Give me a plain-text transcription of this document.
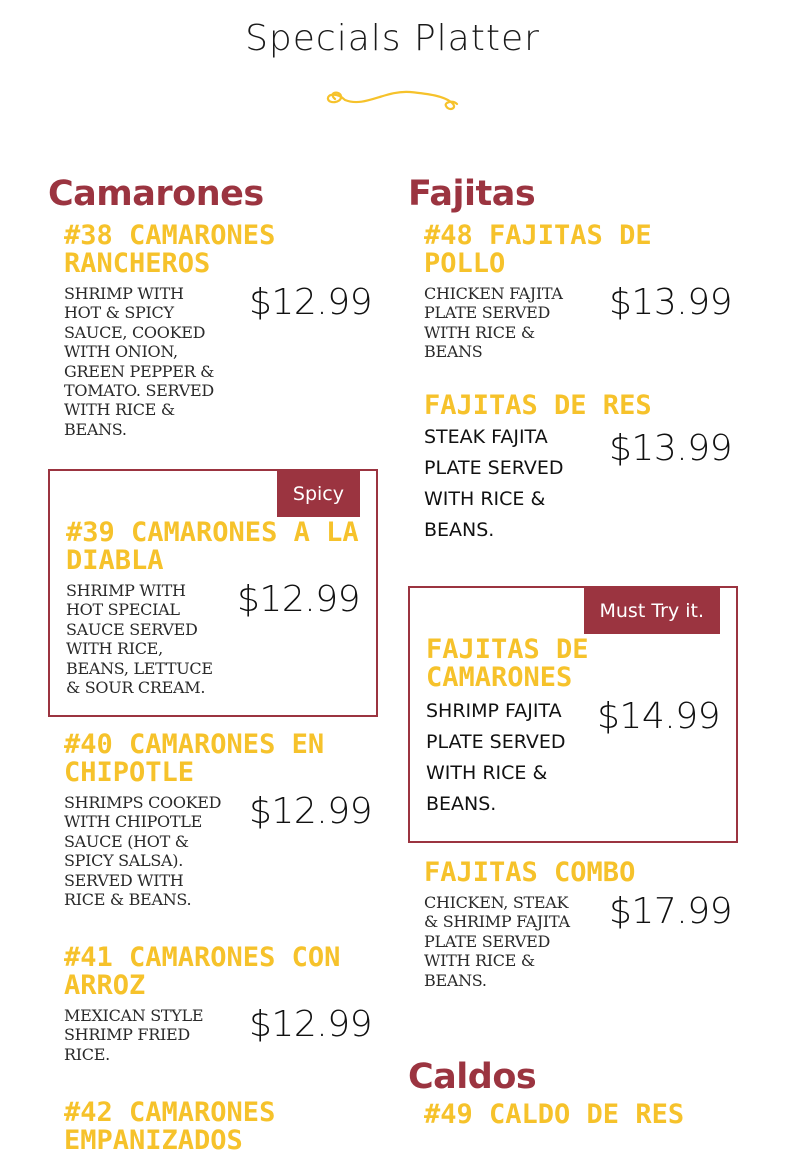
Specials Platter
Camarones
#38 CAMARONES RANCHEROS
SHRIMP WITH HOT & SPICY SAUCE, COOKED WITH ONION, GREEN PEPPER & TOMATO. SERVED WITH RICE & BEANS.
$12.99
Spicy
#39 CAMARONES A LA DIABLA
SHRIMP WITH HOT SPECIAL SAUCE SERVED WITH RICE, BEANS, LETTUCE & SOUR CREAM.
$12.99
#40 CAMARONES EN CHIPOTLE
SHRIMPS COOKED WITH CHIPOTLE SAUCE (HOT & SPICY SALSA). SERVED WITH RICE & BEANS.
$12.99
#41 CAMARONES CON ARROZ
MEXICAN STYLE SHRIMP FRIED RICE.
$12.99
#42 CAMARONES EMPANIZADOS
Fajitas
#48 FAJITAS DE POLLO
CHICKEN FAJITA PLATE SERVED WITH RICE & BEANS
$13.99
FAJITAS DE RES
STEAK FAJITA PLATE SERVED WITH RICE & BEANS.
$13.99
Must Try it.
FAJITAS DE CAMARONES
SHRIMP FAJITA PLATE SERVED WITH RICE & BEANS.
$14.99
FAJITAS COMBO
CHICKEN, STEAK & SHRIMP FAJITA PLATE SERVED WITH RICE & BEANS.
$17.99
Caldos
#49 CALDO DE RES
